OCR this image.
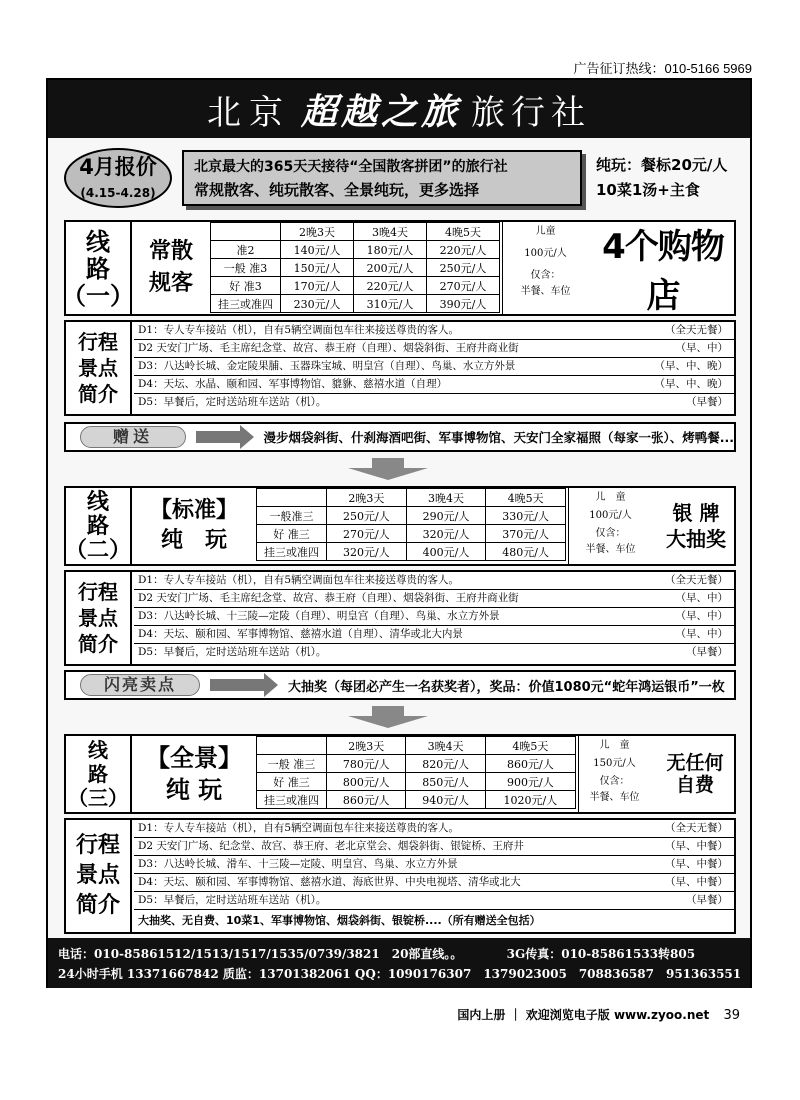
广告征订热线：010-5166 5969
北京 超越之旅 旅行社
4月报价
(4.15-4.28)
北京最大的365天天接待“全国散客拼团”的旅行社
常规散客、纯玩散客、全景纯玩，更多选择
纯玩：餐标20元/人
10菜1汤+主食
线
路
（一）
常散
规客
	2晚3天	3晚4天	4晚5天
准2	140元/人	180元/人	220元/人
一般 准3	150元/人	200元/人	250元/人
好 准3	170元/人	220元/人	270元/人
挂三或准四	230元/人	310元/人	390元/人
儿童
100元/人
仅含：
半餐、车位
4个购物店
行程
景点
简介
D1：专人专车接站（机），自有5辆空调面包车往来接送尊贵的客人。	（全天无餐）
D2 天安门广场、毛主席纪念堂、故宫、恭王府（自理）、烟袋斜街、王府井商业街	（早、中）
D3：八达岭长城、金定陵果脯、玉器珠宝城、明皇宫（自理）、鸟巢、水立方外景	（早、中、晚）
D4：天坛、水晶、颐和园、军事博物馆、貔貅、慈禧水道（自理）	（早、中、晚）
D5：早餐后，定时送站班车送站（机）。	（早餐）
赠送	漫步烟袋斜街、什刹海酒吧街、军事博物馆、天安门全家福照（每家一张）、烤鸭餐...
线
路
（二）
【标准】
纯　玩
	2晚3天	3晚4天	4晚5天
一般准三	250元/人	290元/人	330元/人
好 准三	270元/人	320元/人	370元/人
挂三或准四	320元/人	400元/人	480元/人
儿　童
100元/人
仅含：
半餐、车位
银 牌
大抽奖
行程
景点
简介
D1：专人专车接站（机），自有5辆空调面包车往来接送尊贵的客人。	（全天无餐）
D2 天安门广场、毛主席纪念堂、故宫、恭王府（自理）、烟袋斜街、王府井商业街	（早、中）
D3：八达岭长城、十三陵—定陵（自理）、明皇宫（自理）、鸟巢、水立方外景	（早、中）
D4：天坛、颐和园、军事博物馆、慈禧水道（自理）、清华或北大内景	（早、中）
D5：早餐后，定时送站班车送站（机）。	（早餐）
闪亮卖点	大抽奖（每团必产生一名获奖者），奖品：价值1080元“蛇年鸿运银币”一枚
线
路
（三）
【全景】
纯 玩
	2晚3天	3晚4天	4晚5天
一般 准三	780元/人	820元/人	860元/人
好 准三	800元/人	850元/人	900元/人
挂三或准四	860元/人	940元/人	1020元/人
儿　童
150元/人
仅含：
半餐、车位
无任何自费
行程
景点
简介
D1：专人专车接站（机），自有5辆空调面包车往来接送尊贵的客人。	（全天无餐）
D2 天安门广场、纪念堂、故宫、恭王府、老北京堂会、烟袋斜街、银锭桥、王府井	（早、中餐）
D3：八达岭长城、滑车、十三陵—定陵、明皇宫、鸟巢、水立方外景	（早、中餐）
D4：天坛、颐和园、军事博物馆、慈禧水道、海底世界、中央电视塔、清华或北大	（早、中餐）
D5：早餐后，定时送站班车送站（机）。	（早餐）
大抽奖、无自费、10菜1、军事博物馆、烟袋斜街、银锭桥....（所有赠送全包括）
电话：010-85861512/1513/1517/1535/0739/3821　20部直线。。	3G传真：010-85861533转805
24小时手机 13371667842 质监：13701382061 QQ：1090176307　1379023005　708836587　951363551
国内上册 ｜ 欢迎浏览电子版 www.zyoo.net 39
